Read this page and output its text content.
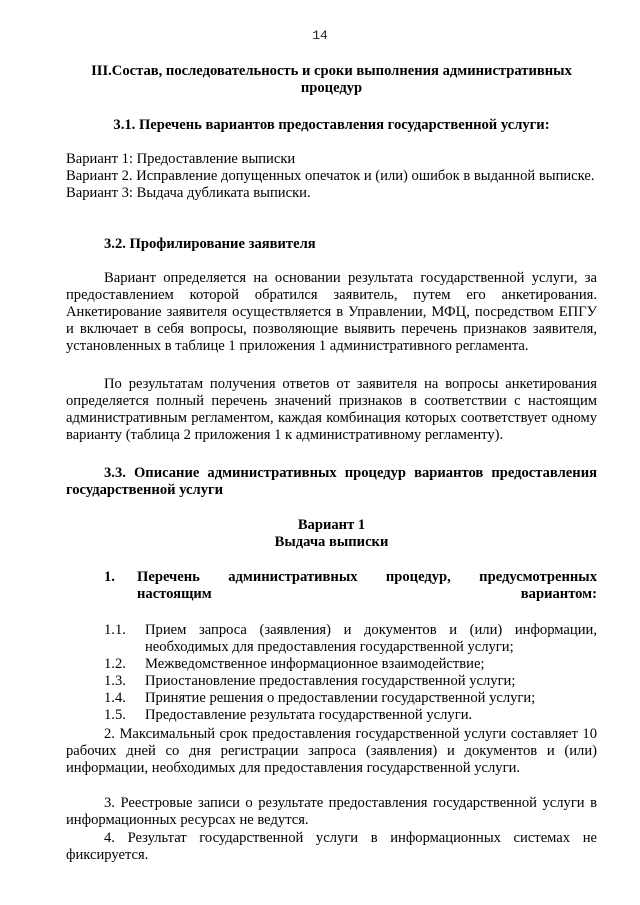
14
III.Состав, последовательность и сроки выполнения административных процедур
3.1. Перечень вариантов предоставления государственной услуги:
Вариант 1: Предоставление выписки
Вариант 2. Исправление допущенных опечаток и (или) ошибок в выданной выписке.
Вариант 3: Выдача дубликата выписки.
3.2. Профилирование заявителя
Вариант определяется на основании результата государственной услуги, за предоставлением которой обратился заявитель, путем его анкетирования. Анкетирование заявителя осуществляется в Управлении, МФЦ, посредством ЕПГУ и включает в себя вопросы, позволяющие выявить перечень признаков заявителя, установленных в таблице 1 приложения 1 административного регламента.
По результатам получения ответов от заявителя на вопросы анкетирования определяется полный перечень значений признаков в соответствии с настоящим административным регламентом, каждая комбинация которых соответствует одному варианту (таблица 2 приложения 1 к административному регламенту).
3.3. Описание административных процедур вариантов предоставления государственной услуги
Вариант 1
Выдача выписки
1. Перечень административных процедур, предусмотренных настоящим вариантом:
1.1. Прием запроса (заявления) и документов и (или) информации, необходимых для предоставления государственной услуги;
1.2. Межведомственное информационное взаимодействие;
1.3. Приостановление предоставления государственной услуги;
1.4. Принятие решения о предоставлении государственной услуги;
1.5. Предоставление результата государственной услуги.
2. Максимальный срок предоставления государственной услуги составляет 10 рабочих дней со дня регистрации запроса (заявления) и документов и (или) информации, необходимых для предоставления государственной услуги.
3. Реестровые записи о результате предоставления государственной услуги в информационных ресурсах не ведутся.
4. Результат государственной услуги в информационных системах не фиксируется.
